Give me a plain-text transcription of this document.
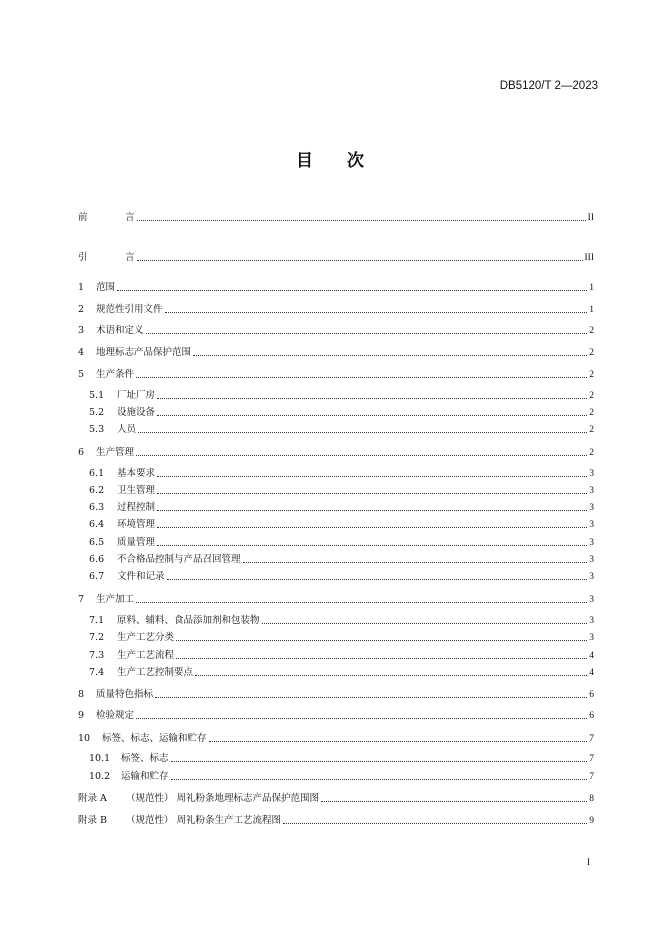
DB5120/T 2—2023
目 次
前	言	II
引	言	III
1	范围	1
2	规范性引用文件	1
3	术语和定义	2
4	地理标志产品保护范围	2
5	生产条件	2
5.1	厂址厂房	2
5.2	设施设备	2
5.3	人员	2
6	生产管理	2
6.1	基本要求	3
6.2	卫生管理	3
6.3	过程控制	3
6.4	环境管理	3
6.5	质量管理	3
6.6	不合格品控制与产品召回管理	3
6.7	文件和记录	3
7	生产加工	3
7.1	原料、辅料、食品添加剂和包装物	3
7.2	生产工艺分类	3
7.3	生产工艺流程	4
7.4	生产工艺控制要点	4
8	质量特色指标	6
9	检验规定	6
10	标签、标志、运输和贮存	7
10.1	标签、标志	7
10.2	运输和贮存	7
附录 A	（规范性） 周礼粉条地理标志产品保护范围图	8
附录 B	（规范性） 周礼粉条生产工艺流程图	9
I
